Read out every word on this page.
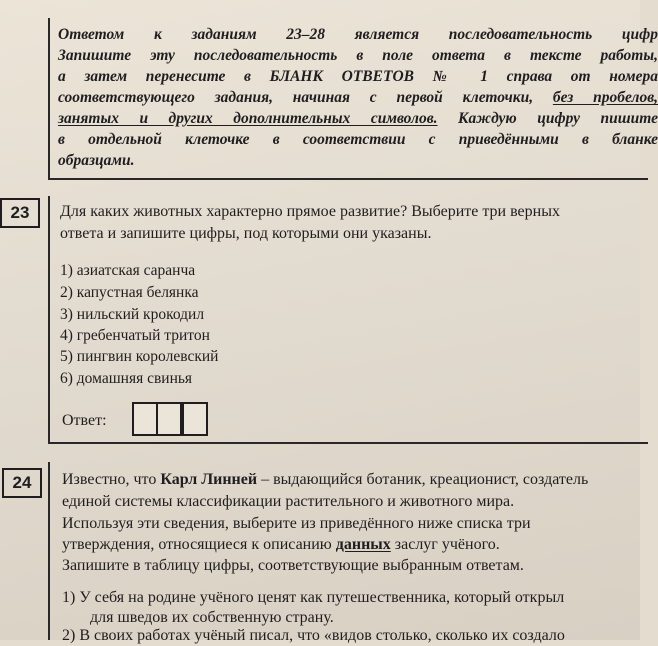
Ответом к заданиям 23–28 является последовательность цифр
Запишите эту последовательность в поле ответа в тексте работы,
а затем перенесите в БЛАНК ОТВЕТОВ № 1 справа от номера
соответствующего задания, начиная с первой клеточки, без пробелов,
занятых и других дополнительных символов. Каждую цифру пишите
в отдельной клеточке в соответствии с приведёнными в бланке
образцами.
23	Для каких животных характерно прямое развитие? Выберите три верных
ответа и запишите цифры, под которыми они указаны.
1) азиатская саранча
2) капустная белянка
3) нильский крокодил
4) гребенчатый тритон
5) пингвин королевский
6) домашняя свинья
Ответ:
24	Известно, что Карл Линней – выдающийся ботаник, креационист, создатель
единой системы классификации растительного и животного мира.
Используя эти сведения, выберите из приведённого ниже списка три
утверждения, относящиеся к описанию данных заслуг учёного.
Запишите в таблицу цифры, соответствующие выбранным ответам.
1) У себя на родине учёного ценят как путешественника, который открыл
для шведов их собственную страну.
2) В своих работах учёный писал, что «видов столько, сколько их создало
